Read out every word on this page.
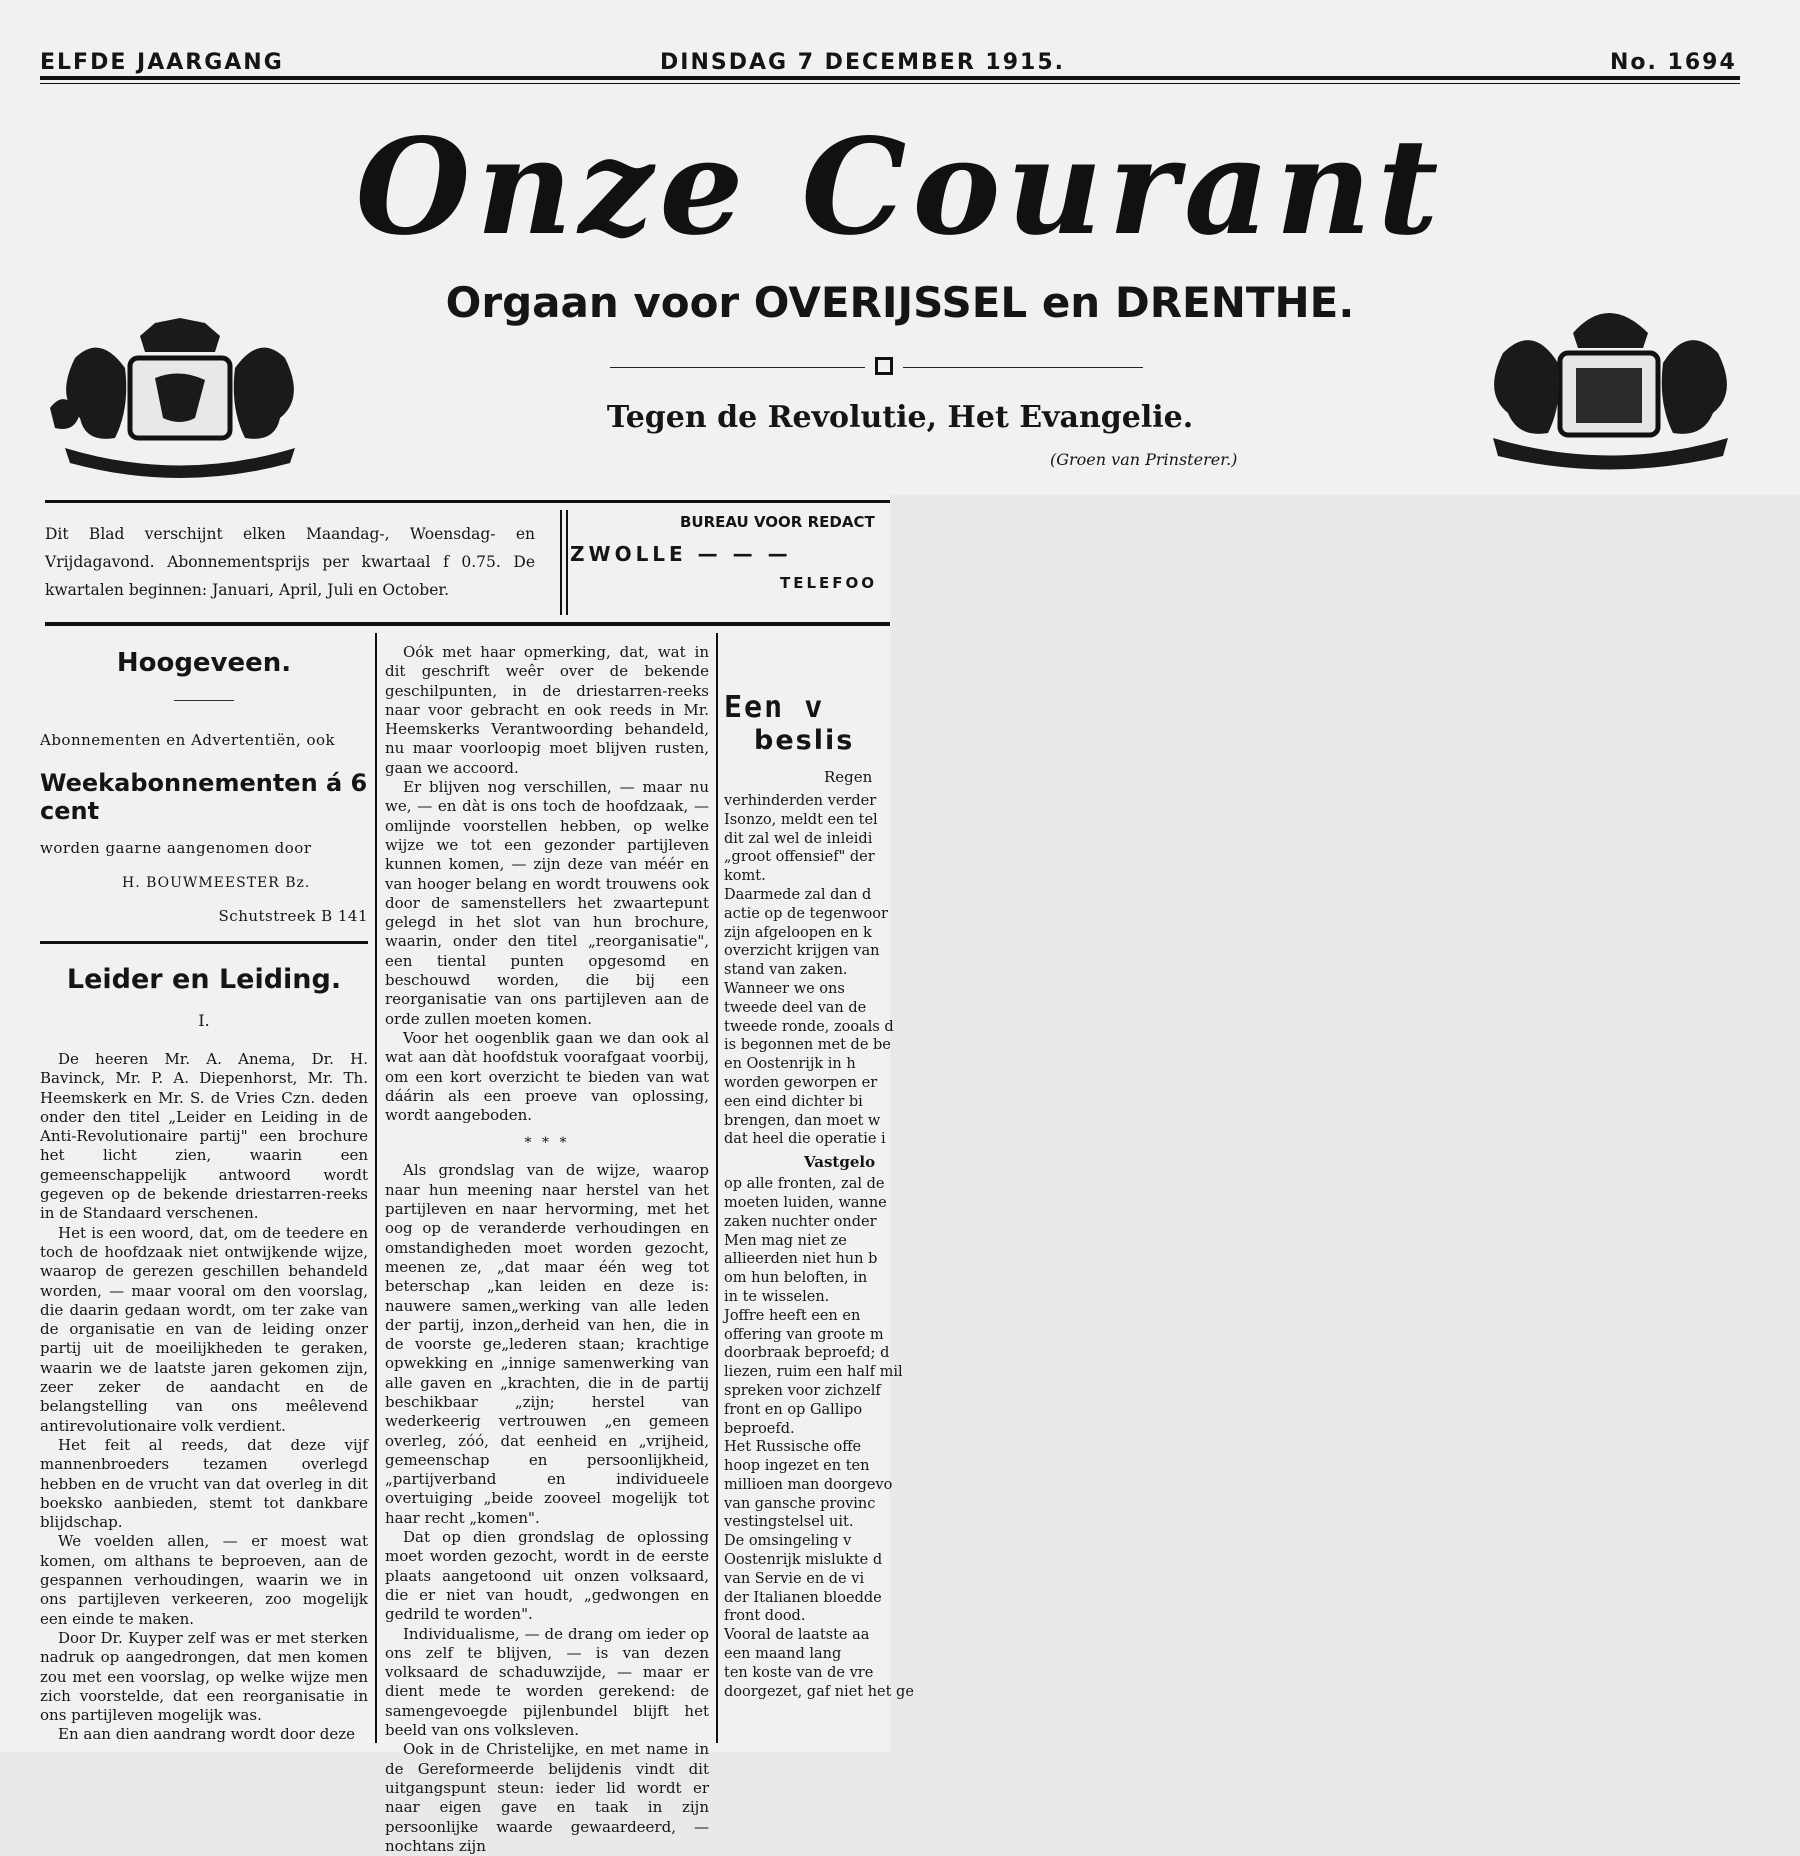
ELFDE JAARGANG	DINSDAG 7 DECEMBER 1915.	No. 1694
Onze Courant
Orgaan voor OVERIJSSEL en DRENTHE.
Tegen de Revolutie, Het Evangelie.
(Groen van Prinsterer.)
Dit Blad verschijnt elken Maandag-, Woensdag- en Vrijdagavond. Abonnementsprijs per kwartaal f 0.75. De kwartalen beginnen: Januari, April, Juli en October.
BUREAU VOOR REDACT
ZWOLLE — — —
TELEFOO
Hoogeveen.
Abonnementen en Advertentiën, ook
Weekabonnementen á 6 cent
worden gaarne aangenomen door
H. BOUWMEESTER Bz.
Schutstreek B 141
Leider en Leiding.
I.

De heeren Mr. A. Anema, Dr. H. Bavinck, Mr. P. A. Diepenhorst, Mr. Th. Heemskerk en Mr. S. de Vries Czn. deden onder den titel „Leider en Leiding in de Anti-Revolutionaire partij" een brochure het licht zien, waarin een gemeenschappelijk antwoord wordt gegeven op de bekende driestarren-reeks in de Standaard verschenen.

Het is een woord, dat, om de teedere en toch de hoofdzaak niet ontwijkende wijze, waarop de gerezen geschillen behandeld worden, — maar vooral om den voorslag, die daarin gedaan wordt, om ter zake van de organisatie en van de leiding onzer partij uit de moeilijkheden te geraken, waarin we de laatste jaren gekomen zijn, zeer zeker de aandacht en de belangstelling van ons meêlevend antirevolutionaire volk verdient.

Het feit al reeds, dat deze vijf mannenbroeders tezamen overlegd hebben en de vrucht van dat overleg in dit boeksko aanbieden, stemt tot dankbare blijdschap.

We voelden allen, — er moest wat komen, om althans te beproeven, aan de gespannen verhoudingen, waarin we in ons partijleven verkeeren, zoo mogelijk een einde te maken.

Door Dr. Kuyper zelf was er met sterken nadruk op aangedrongen, dat men komen zou met een voorslag, op welke wijze men zich voorstelde, dat een reorganisatie in ons partijleven mogelijk was.

En aan dien aandrang wordt door deze

Oók met haar opmerking, dat, wat in dit geschrift weêr over de bekende geschilpunten, in de driestarren-reeks naar voor gebracht en ook reeds in Mr. Heemskerks Verantwoording behandeld, nu maar voorloopig moet blijven rusten, gaan we accoord.

Er blijven nog verschillen, — maar nu we, — en dàt is ons toch de hoofdzaak, — omlijnde voorstellen hebben, op welke wijze we tot een gezonder partijleven kunnen komen, — zijn deze van méér en van hooger belang en wordt trouwens ook door de samenstellers het zwaartepunt gelegd in het slot van hun brochure, waarin, onder den titel „reorganisatie", een tiental punten opgesomd en beschouwd worden, die bij een reorganisatie van ons partijleven aan de orde zullen moeten komen.

Voor het oogenblik gaan we dan ook al wat aan dàt hoofdstuk voorafgaat voorbij, om een kort overzicht te bieden van wat dáárin als een proeve van oplossing, wordt aangeboden.

* * *

Als grondslag van de wijze, waarop naar hun meening naar herstel van het partijleven en naar hervorming, met het oog op de veranderde verhoudingen en omstandigheden moet worden gezocht, meenen ze, „dat maar één weg tot beterschap „kan leiden en deze is: nauwere samen„werking van alle leden der partij, inzon„derheid van hen, die in de voorste ge„lederen staan; krachtige opwekking en „innige samenwerking van alle gaven en „krachten, die in de partij beschikbaar „zijn; herstel van wederkeerig vertrouwen „en gemeen overleg, zóó, dat eenheid en „vrijheid, gemeenschap en persoonlijkheid, „partijverband en individueele overtuiging „beide zooveel mogelijk tot haar recht „komen".

Dat op dien grondslag de oplossing moet worden gezocht, wordt in de eerste plaats aangetoond uit onzen volksaard, die er niet van houdt, „gedwongen en gedrild te worden".

Individualisme, — de drang om ieder op ons zelf te blijven, — is van dezen volksaard de schaduwzijde, — maar er dient mede te worden gerekend: de samengevoegde pijlenbundel blijft het beeld van ons volksleven.

Ook in de Christelijke, en met name in de Gereformeerde belijdenis vindt dit uitgangspunt steun: ieder lid wordt er naar eigen gave en taak in zijn persoonlijke waarde gewaardeerd, — nochtans zijn

Een v
beslis
Regen
verhinderden verder
Isonzo, meldt een tel
dit zal wel de inleidi
„groot offensief" der
komt.
Daarmede zal dan d
actie op de tegenwoor
zijn afgeloopen en k
overzicht krijgen van
stand van zaken.
Wanneer we ons
tweede deel van de
tweede ronde, zooals d
is begonnen met de be
en Oostenrijk in h
worden geworpen er
een eind dichter bi
brengen, dan moet w
dat heel die operatie i
Vastgelo
op alle fronten, zal de
moeten luiden, wanne
zaken nuchter onder
Men mag niet ze
allieerden niet hun b
om hun beloften, in
in te wisselen.
Joffre heeft een en
offering van groote m
doorbraak beproefd; d
liezen, ruim een half mil
spreken voor zichzelf
front en op Gallipo
beproefd.
Het Russische offe
hoop ingezet en ten
millioen man doorgevo
van gansche provinc
vestingstelsel uit.
De omsingeling v
Oostenrijk mislukte d
van Servie en de vi
der Italianen bloedde
front dood.
Vooral de laatste aa
een maand lang
ten koste van de vre
doorgezet, gaf niet het ge
